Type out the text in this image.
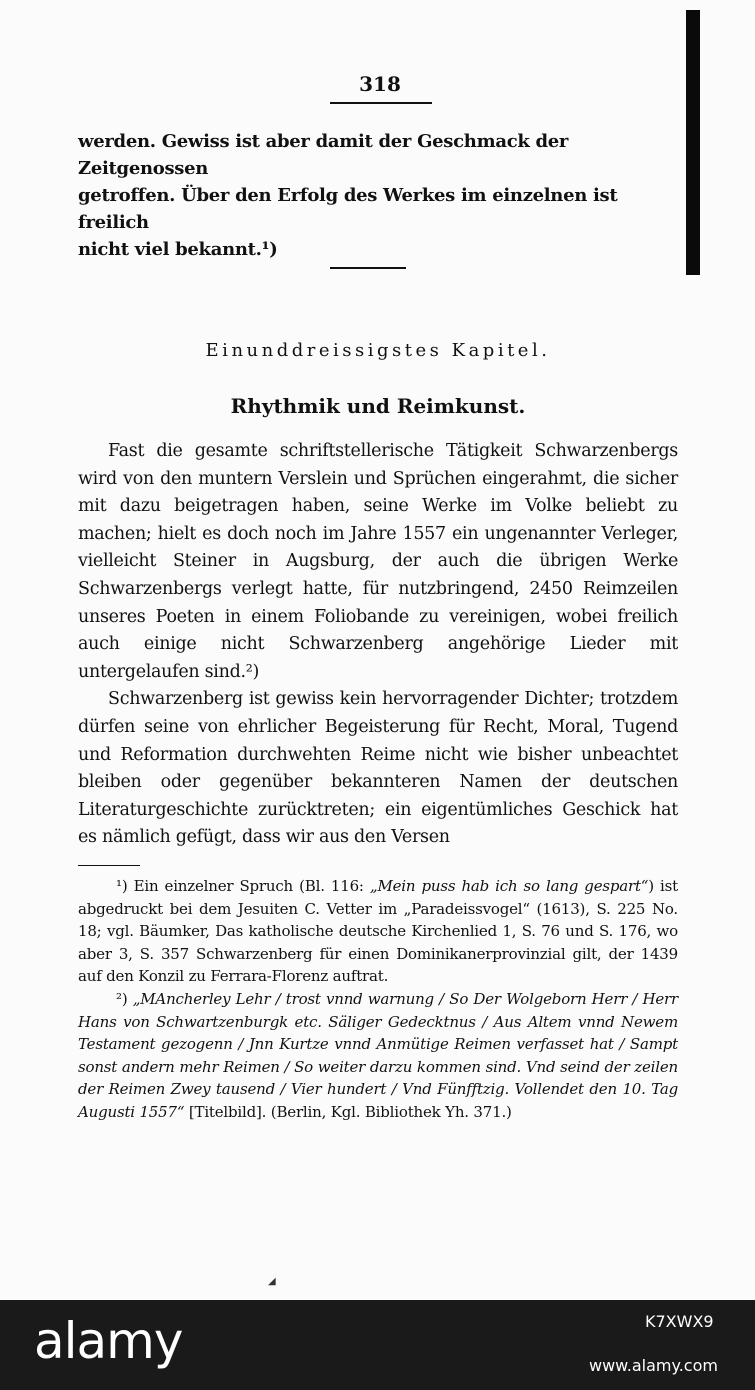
318

werden. Gewiss ist aber damit der Geschmack der Zeitgenossen

getroffen. Über den Erfolg des Werkes im einzelnen ist freilich

nicht viel bekannt.¹)

Einunddreissigstes Kapitel.
Rhythmik und Reimkunst.

Fast die gesamte schriftstellerische Tätigkeit Schwarzenbergs wird von den muntern Verslein und Sprüchen eingerahmt, die sicher mit dazu beigetragen haben, seine Werke im Volke beliebt zu machen; hielt es doch noch im Jahre 1557 ein ungenannter Verleger, vielleicht Steiner in Augsburg, der auch die übrigen Werke Schwarzenbergs verlegt hatte, für nutzbringend, 2450 Reimzeilen unseres Poeten in einem Foliobande zu vereinigen, wobei freilich auch einige nicht Schwarzenberg angehörige Lieder mit untergelaufen sind.²)

Schwarzenberg ist gewiss kein hervorragender Dichter; trotzdem dürfen seine von ehrlicher Begeisterung für Recht, Moral, Tugend und Reformation durchwehten Reime nicht wie bisher unbeachtet bleiben oder gegenüber bekannteren Namen der deutschen Literaturgeschichte zurücktreten; ein eigentümliches Geschick hat es nämlich gefügt, dass wir aus den Versen

¹) Ein einzelner Spruch (Bl. 116: „Mein puss hab ich so lang gespart“) ist abgedruckt bei dem Jesuiten C. Vetter im „Paradeissvogel“ (1613), S. 225 No. 18; vgl. Bäumker, Das katholische deutsche Kirchenlied 1, S. 76 und S. 176, wo aber 3, S. 357 Schwarzenberg für einen Dominikanerprovinzial gilt, der 1439 auf den Konzil zu Ferrara-Florenz auftrat.

²) „MAncherley Lehr / trost vnnd warnung / So Der Wolgeborn Herr / Herr Hans von Schwartzenburgk etc. Säliger Gedecktnus / Aus Altem vnnd Newem Testament gezogenn / Jnn Kurtze vnnd Anmütige Reimen verfasset hat / Sampt sonst andern mehr Reimen / So weiter darzu kommen sind. Vnd seind der zeilen der Reimen Zwey tausend / Vier hundert / Vnd Fünfftzig. Vollendet den 10. Tag Augusti 1557“ [Titelbild]. (Berlin, Kgl. Bibliothek Yh. 371.)

◢
alamy	K7XWX9
www.alamy.com
